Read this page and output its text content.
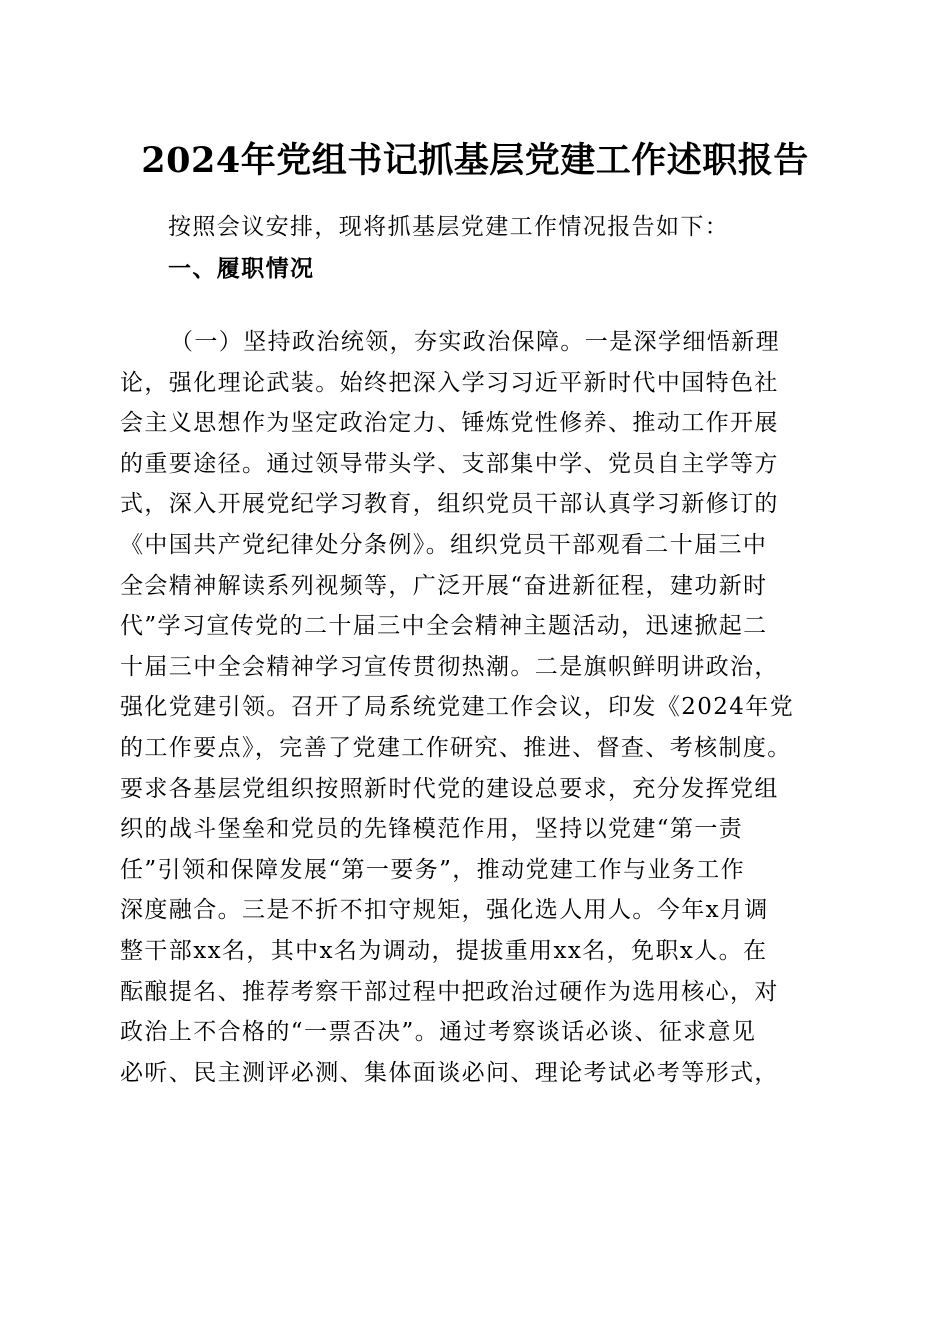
2024年党组书记抓基层党建工作述职报告

按照会议安排，现将抓基层党建工作情况报告如下：

一、履职情况
（一）坚持政治统领，夯实政治保障。一是深学细悟新理
论，强化理论武装。始终把深入学习习近平新时代中国特色社
会主义思想作为坚定政治定力、锤炼党性修养、推动工作开展
的重要途径。通过领导带头学、支部集中学、党员自主学等方
式，深入开展党纪学习教育，组织党员干部认真学习新修订的
《中国共产党纪律处分条例》。组织党员干部观看二十届三中
全会精神解读系列视频等，广泛开展“奋进新征程，建功新时
代”学习宣传党的二十届三中全会精神主题活动，迅速掀起二
十届三中全会精神学习宣传贯彻热潮。二是旗帜鲜明讲政治，
强化党建引领。召开了局系统党建工作会议，印发《2024年党
的工作要点》，完善了党建工作研究、推进、督查、考核制度。
要求各基层党组织按照新时代党的建设总要求，充分发挥党组
织的战斗堡垒和党员的先锋模范作用，坚持以党建“第一责
任”引领和保障发展“第一要务”，推动党建工作与业务工作
深度融合。三是不折不扣守规矩，强化选人用人。今年x月调
整干部xx名，其中x名为调动，提拔重用xx名，免职x人。在
酝酿提名、推荐考察干部过程中把政治过硬作为选用核心，对
政治上不合格的“一票否决”。通过考察谈话必谈、征求意见
必听、民主测评必测、集体面谈必问、理论考试必考等形式，
